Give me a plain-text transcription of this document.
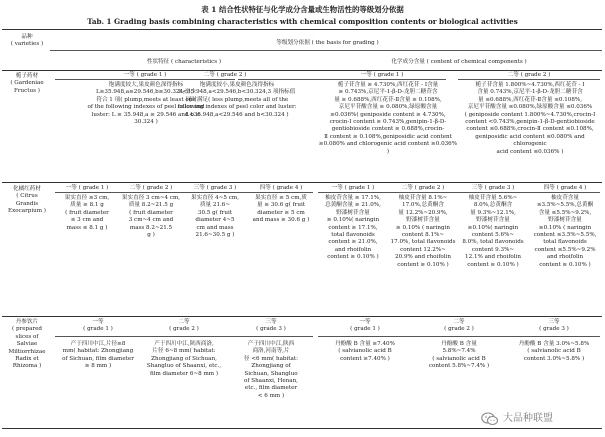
表 1 结合性状特征与化学成分含量或生物活性的等级划分依据
Tab. 1 Grading basis combining characteristics with chemical composition contents or biological activities
品种
( varieties )	等级划分依据 ( the basis for grading )
性状特征 ( characteristics )	化学成分含量 ( content of chemical components )
栀子药材
( Gardeniae
Fructus )
一等 ( grade 1 )
饱满度较大,果皮颜色深得指标
L≥35.948,a≥29.546,b≥30.324,至少
符合 1 项( plump,meets at least one
of the following indexes of peel color and
luster: L ≥ 35.948,a ≥ 29.546 and b ≥
30.324 )
二等 ( grade 2 )
饱满度较小,果皮颜色浅得指标
L<35.948,a<29.546,b<30.324,3 项指标值
同时满足( less plump,meets all of the
following indexes of peel color and luster:
L<35.948,a<29.546 and b<30.324 )
一等 ( grade 1 )
栀子苷含量 ≥ 4.730%,西红花苷 - Ⅰ含量
≥ 0.743%,京尼平-1-β-D-龙胆二糖苷含
量 ≥ 0.688%,西红花苷-Ⅱ含量 ≥ 0.108%,
京尼平苷酸含量 ≥ 0.080%,绿原酸含量
≥0.036%( geniposide content ≥ 4.730%,
crocin-Ⅰ content ≥ 0.743%,genipin-1-β-D-
gentiobioside content ≥ 0.688%,crocin-
Ⅱ content ≥ 0.108%,geniposidic acid content
≥0.080% and chlorogenic acid content ≥0.036% )
二等 ( grade 2 )
栀子苷含量 1.800%~4.730%,西红花苷 - Ⅰ
含量 0.743%,京尼平-1-β-D-龙胆二糖苷含
量 ≤0.688%,西红花苷-Ⅱ含量 ≤0.108%,
京尼平苷酸含量 ≤0.080%,绿原酸含量 ≤0.036%
( geniposide content 1.800%~4.730%,crocin-Ⅰ
content <0.743%,genipin-1-β-D-gentiobioside
content ≤0.688%,crocin-Ⅱ content ≤0.108%,
geniposidic acid content ≤0.080% and chlorogenic
acid content ≤0.036% )
化橘红药材
( Citrus
Grandis
Exocarpium )
一等 ( grade 1 )
果实直径 ≥3 cm,
质量 ≥ 8.1 g
( fruit diameter
≤ 3 cm and
mass ≤ 8.1 g )
二等 ( grade 2 )
果实直径 3 cm~4 cm,
质量 8.2~21.5 g
( fruit diameter
3 cm~4 cm and
mass 8.2~21.5
g )
三等 ( grade 3 )
果实直径 4~5 cm,
质量 21.6~
30.5 g( fruit
diameter 4~5
cm and mass
21.6~30.5 g )
四等 ( grade 4 )
果实直径 ≥ 5 cm,质
量 ≥ 30.6 g( fruit
diameter ≥ 5 cm
and mass ≥ 30.6 g )
一等 ( grade 1 )
柚皮苷含量 ≥ 17.1%,
总黄酮含量 ≥ 21.0%,
野漆树苷含量
≥ 0.10%( naringin
content ≥ 17.1%,
total flavonoids
content ≥ 21.0%,
and rhoifolin
content ≥ 0.10% )
二等 ( grade 2 )
柚皮苷含量 8.1%~
17.0%,总黄酮含
量 12.2%~20.9%,
野漆树苷含量
≥ 0.10% ( naringin
content 8.1%~
17.0%, total flavonoids
content 12.2%~
20.9% and rhoifolin
content ≥ 0.10% )
三等 ( grade 3 )
柚皮苷含量 5.6%~
8.0%,总黄酮含
量 9.3%~12.1%,
野漆树苷含量
≥0.10%( naringin
content 5.6%~
8.0%, total flavonoids
content 9.3%~
12.1% and rhoifolin
content ≥ 0.10% )
四等 ( grade 4 )
柚皮苷含量
≤3.5%~5.5%,总黄酮
含量 ≤5.5%~9.2%,
野漆树苷含量
≥0.10% ( naringin
content ≤3.5%~5.5%,
total flavonoids
content ≤5.5%~9.2%
and rhoifolin
content ≥ 0.10% )
丹参饮片
( prepared
slices of
Salviae
Miltiorrhizae
Radix et
Rhizoma )
一等
( grade 1 )
产于四川中江,片径≥8
mm( habitat: Zhongjiang
of Sichuan, film diameter
≥ 8 mm )
二等
( grade 2 )
产于四川中江,陕西商洛,
片径 6~8 mm( habitat:
Zhongjiang of Sichuan,
Shangluo of Shaanxi, etc.,
film diameter 6~8 mm )
三等
( grade 3 )
产于四川中江,陕西
商洛,河南等,片
径 <6 mm( habitat:
Zhongjiang of
Sichuan, Shangluo
of Shaanxi, Henan,
etc., film diameter
< 6 mm )
一等
( grade 1 )
丹酚酸 B 含量 ≥7.40%
( salvianolic acid B
content ≥7.40% )
二等
( grade 2 )
丹酚酸 B 含量
5.8%~7.4%
( salvianolic acid B
content 5.8%~7.4% )
三等
( grade 3 )
丹酚酸 B 含量 3.0%~5.8%
( salvianolic acid B
content 3.0%~5.8% )
大品种联盟
